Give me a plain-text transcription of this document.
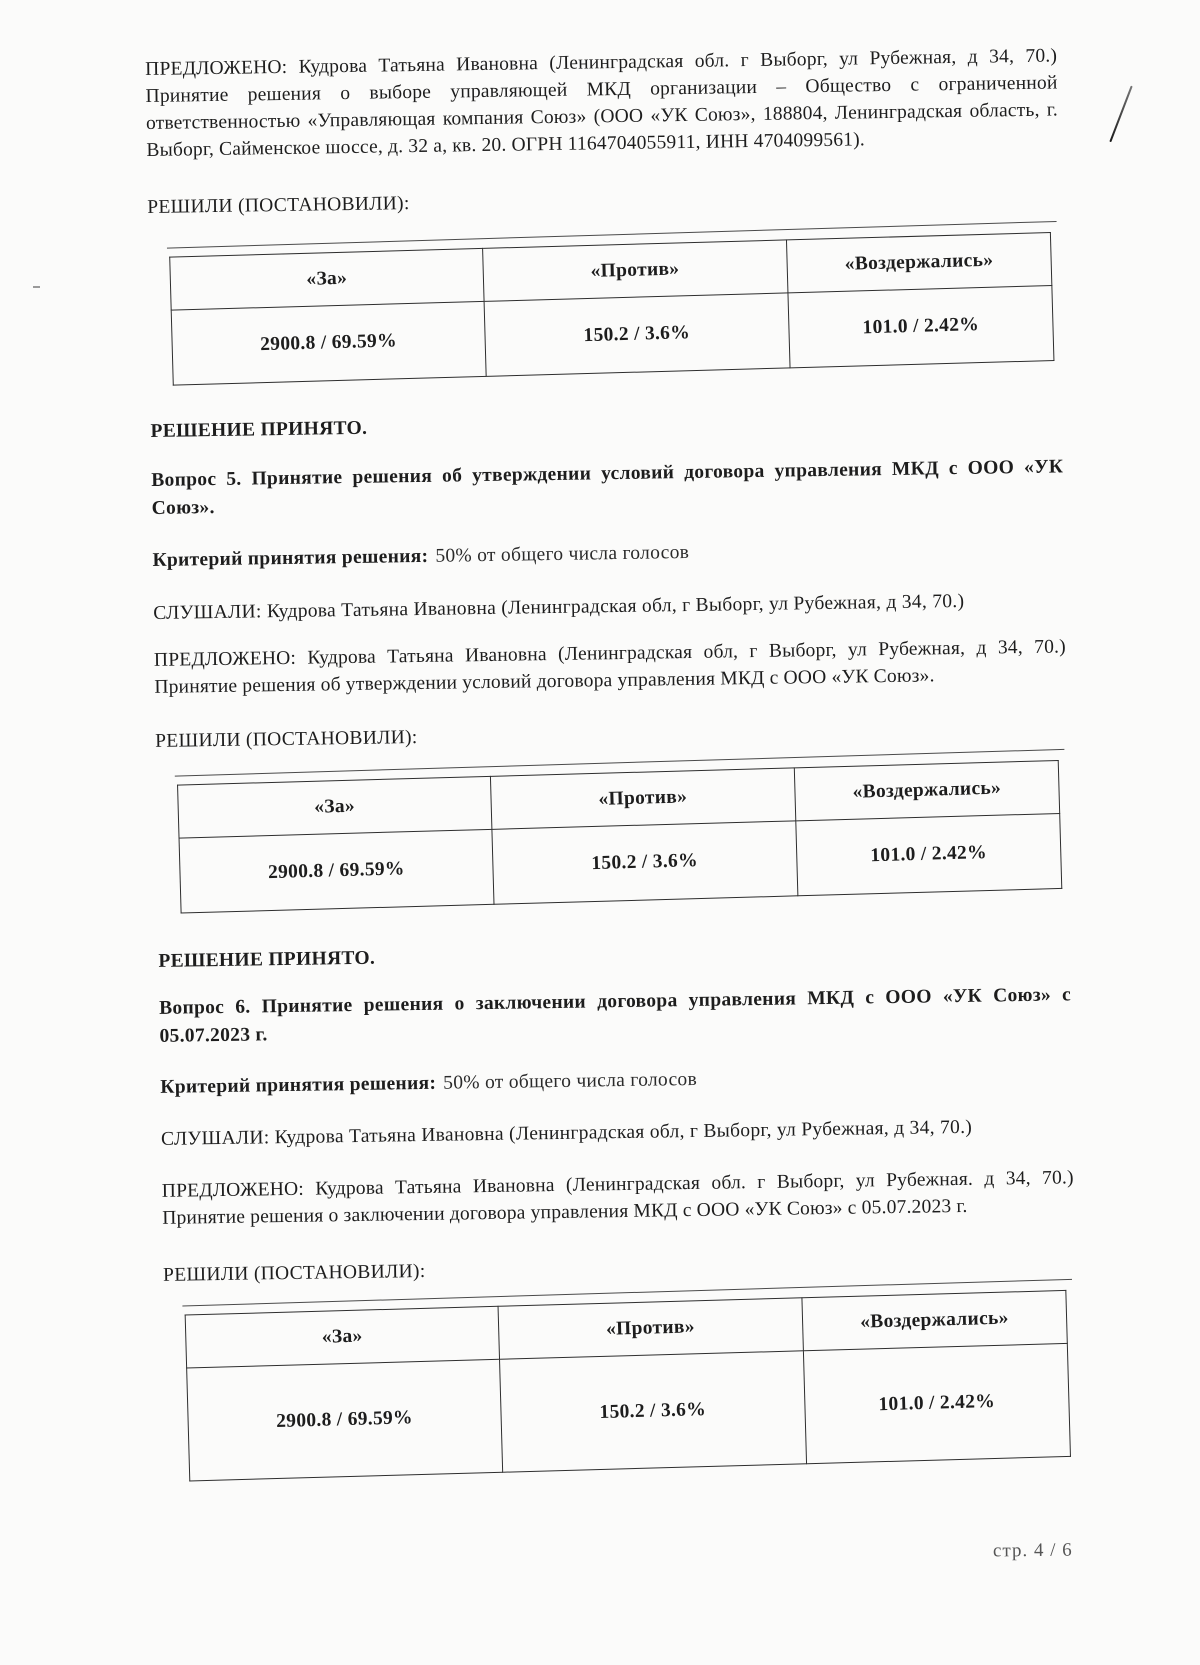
ПРЕДЛОЖЕНО: Кудрова Татьяна Ивановна (Ленинградская обл. г Выборг, ул Рубежная, д 34, 70.) Принятие решения о выборе управляющей МКД организации – Общество с ограниченной ответственностью «Управляющая компания Союз» (ООО «УК Союз», 188804, Ленинградская область, г. Выборг, Сайменское шоссе, д. 32 а, кв. 20. ОГРН 1164704055911, ИНН 4704099561).

РЕШИЛИ (ПОСТАНОВИЛИ):
«За»	«Против»	«Воздержались»
2900.8 / 69.59%	150.2 / 3.6%	101.0 / 2.42%
РЕШЕНИЕ ПРИНЯТО.

Вопрос 5. Принятие решения об утверждении условий договора управления МКД с ООО «УК Союз».

Критерий принятия решения: 50% от общего числа голосов
СЛУШАЛИ: Кудрова Татьяна Ивановна (Ленинградская обл, г Выборг, ул Рубежная, д 34, 70.)

ПРЕДЛОЖЕНО: Кудрова Татьяна Ивановна (Ленинградская обл, г Выборг, ул Рубежная, д 34, 70.) Принятие решения об утверждении условий договора управления МКД с ООО «УК Союз».

РЕШИЛИ (ПОСТАНОВИЛИ):
«За»	«Против»	«Воздержались»
2900.8 / 69.59%	150.2 / 3.6%	101.0 / 2.42%
РЕШЕНИЕ ПРИНЯТО.

Вопрос 6. Принятие решения о заключении договора управления МКД с ООО «УК Союз» с 05.07.2023 г.

Критерий принятия решения: 50% от общего числа голосов
СЛУШАЛИ: Кудрова Татьяна Ивановна (Ленинградская обл, г Выборг, ул Рубежная, д 34, 70.)

ПРЕДЛОЖЕНО: Кудрова Татьяна Ивановна (Ленинградская обл. г Выборг, ул Рубежная. д 34, 70.) Принятие решения о заключении договора управления МКД с ООО «УК Союз» с 05.07.2023 г.

РЕШИЛИ (ПОСТАНОВИЛИ):
«За»	«Против»	«Воздержались»
2900.8 / 69.59%	150.2 / 3.6%	101.0 / 2.42%
стр. 4 / 6
